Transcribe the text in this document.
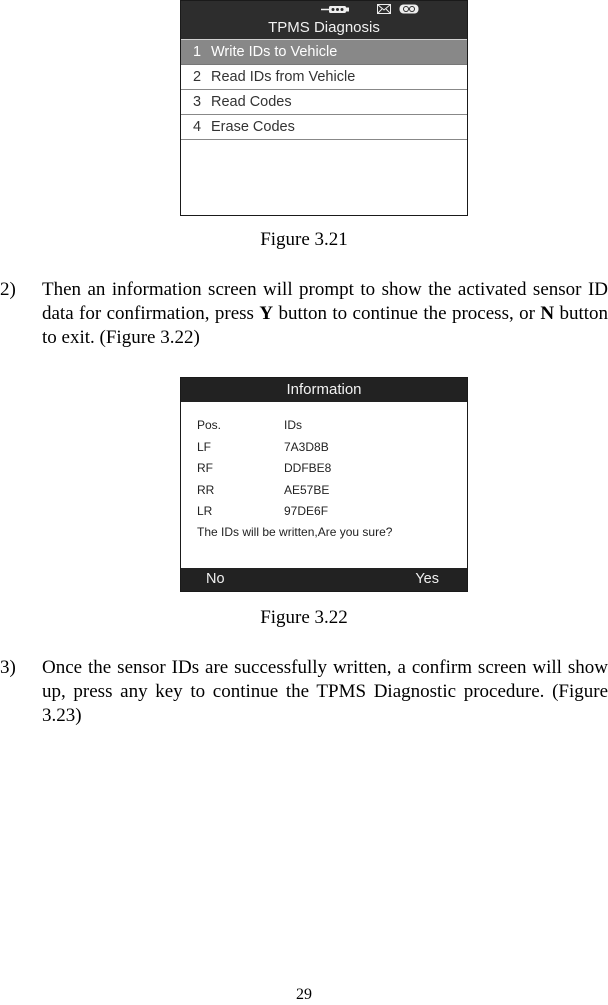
TPMS Diagnosis
1 Write IDs to Vehicle
2 Read IDs from Vehicle
3 Read Codes
4 Erase Codes
Figure 3.21
2) Then an information screen will prompt to show the activated sensor ID data for confirmation, press Y button to continue the process, or N button to exit. (Figure 3.22)
Information
Pos.	IDs
LF	7A3D8B
RF	DDFBE8
RR	AE57BE
LR	97DE6F
The IDs will be written,Are you sure?
No	Yes
Figure 3.22
3) Once the sensor IDs are successfully written, a confirm screen will show up, press any key to continue the TPMS Diagnostic procedure. (Figure 3.23)
29
